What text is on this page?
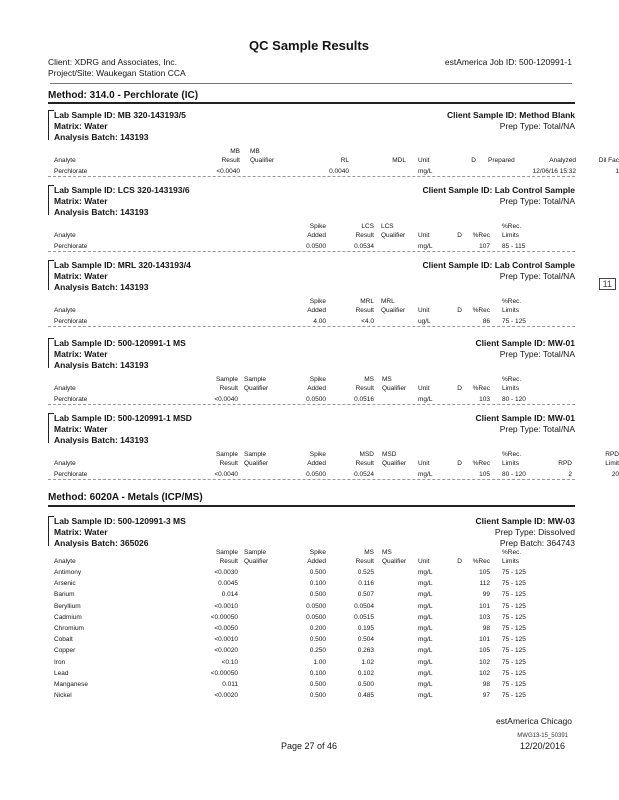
QC Sample Results
Client: XDRG and Associates, Inc.
Project/Site: Waukegan Station CCA
estAmerica Job ID: 500-120991-1
Method: 314.0 - Perchlorate (IC)
Lab Sample ID: MB 320-143193/5	Client Sample ID: Method Blank
Matrix: Water	Prep Type: Total/NA
Analysis Batch: 143193
MB MB
Analyte	Result Qualifier	RL	MDL Unit	D Prepared	Analyzed	Dil Fac
Perchlorate	<0.0040	0.0040	mg/L	12/06/16 15:32	1
Lab Sample ID: LCS 320-143193/6	Client Sample ID: Lab Control Sample
Matrix: Water	Prep Type: Total/NA
Analysis Batch: 143193
Spike	LCS LCS	%Rec.
Analyte	Added	Result Qualifier Unit	D %Rec Limits
Perchlorate	0.0500	0.0534	mg/L	107 85 - 115
Lab Sample ID: MRL 320-143193/4	Client Sample ID: Lab Control Sample
Matrix: Water	Prep Type: Total/NA
Analysis Batch: 143193
Spike	MRL MRL	%Rec.
Analyte	Added	Result Qualifier Unit	D %Rec Limits
Perchlorate	4.00	<4.0	ug/L	86 75 - 125
Lab Sample ID: 500-120991-1 MS	Client Sample ID: MW-01
Matrix: Water	Prep Type: Total/NA
Analysis Batch: 143193
Sample Sample	Spike	MS MS	%Rec.
Analyte	Result Qualifier	Added	Result Qualifier Unit	D %Rec Limits
Perchlorate	<0.0040	0.0500	0.0516	mg/L	103 80 - 120
Lab Sample ID: 500-120991-1 MSD	Client Sample ID: MW-01
Matrix: Water	Prep Type: Total/NA
Analysis Batch: 143193
Sample Sample	Spike	MSD MSD	%Rec.	RPD
Analyte	Result Qualifier	Added	Result Qualifier Unit	D %Rec Limits	RPD	Limit
Perchlorate	<0.0040	0.0500	0.0524	mg/L	105 80 - 120	2	20
Method: 6020A - Metals (ICP/MS)
Lab Sample ID: 500-120991-3 MS	Client Sample ID: MW-03
Matrix: Water	Prep Type: Dissolved
Analysis Batch: 365026	Prep Batch: 364743
Sample Sample	Spike	MS MS	%Rec.
Analyte	Result Qualifier	Added	Result Qualifier Unit	D %Rec Limits
Antimony	<0.0030	0.500	0.525	mg/L	105 75 - 125
Arsenic	0.0045	0.100	0.116	mg/L	112 75 - 125
Barium	0.014	0.500	0.507	mg/L	99 75 - 125
Beryllium	<0.0010	0.0500	0.0504	mg/L	101 75 - 125
Cadmium	<0.00050	0.0500	0.0515	mg/L	103 75 - 125
Chromium	<0.0050	0.200	0.195	mg/L	98 75 - 125
Cobalt	<0.0010	0.500	0.504	mg/L	101 75 - 125
Copper	<0.0020	0.250	0.263	mg/L	105 75 - 125
Iron	<0.10	1.00	1.02	mg/L	102 75 - 125
Lead	<0.00050	0.100	0.102	mg/L	102 75 - 125
Manganese	0.011	0.500	0.500	mg/L	98 75 - 125
Nickel	<0.0020	0.500	0.485	mg/L	97 75 - 125
estAmerica Chicago
Page 27 of 46
MWG13-15_50391
12/20/2016
11
